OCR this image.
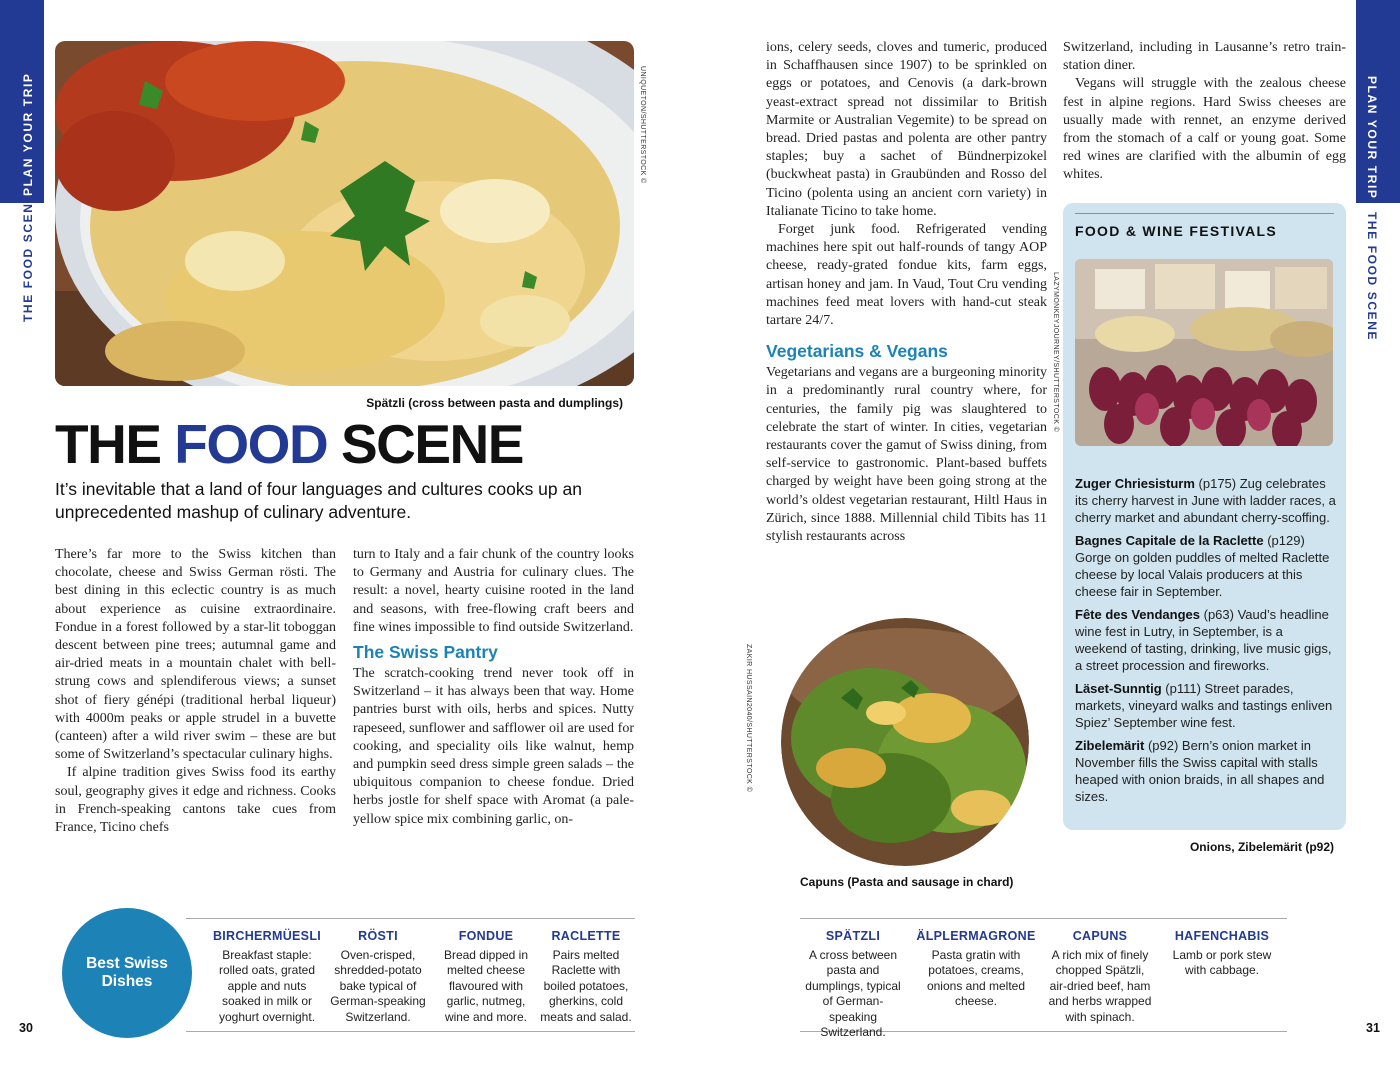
PLAN YOUR TRIP
THE FOOD SCENE
UNIQUETON/SHUTTERSTOCK ©
Spätzli (cross between pasta and dumplings)
THE FOOD SCENE
It’s inevitable that a land of four languages and cultures cooks up an unprecedented mashup of culinary adventure.

There’s far more to the Swiss kitchen than chocolate, cheese and Swiss German rösti. The best dining in this eclectic country is as much about experience as cuisine extraordinaire. Fondue in a forest followed by a star-lit toboggan descent between pine trees; autumnal game and air-dried meats in a mountain chalet with bell-strung cows and splendiferous views; a sunset shot of fiery génépi (traditional herbal liqueur) with 4000m peaks or apple strudel in a buvette (canteen) after a wild river swim – these are but some of Switzerland’s spectacular culinary highs.

If alpine tradition gives Swiss food its earthy soul, geography gives it edge and richness. Cooks in French-speaking cantons take cues from France, Ticino chefs

turn to Italy and a fair chunk of the country looks to Germany and Austria for culinary clues. The result: a novel, hearty cuisine rooted in the land and seasons, with free-flowing craft beers and fine wines impossible to find outside Switzerland.

The Swiss Pantry

The scratch-cooking trend never took off in Switzerland – it has always been that way. Home pantries burst with oils, herbs and spices. Nutty rapeseed, sunflower and safflower oil are used for cooking, and speciality oils like walnut, hemp and pumpkin seed dress simple green salads – the ubiquitous companion to cheese fondue. Dried herbs jostle for shelf space with Aromat (a pale-yellow spice mix combining garlic, on-

Best Swiss Dishes
BIRCHERMÜESLI
Breakfast staple: rolled oats, grated apple and nuts soaked in milk or yoghurt overnight.
RÖSTI
Oven-crisped, shredded-potato bake typical of German-speaking Switzerland.
FONDUE
Bread dipped in melted cheese flavoured with garlic, nutmeg, wine and more.
RACLETTE
Pairs melted Raclette with boiled potatoes, gherkins, cold meats and salad.
30

ions, celery seeds, cloves and tumeric, produced in Schaffhausen since 1907) to be sprinkled on eggs or potatoes, and Cenovis (a dark-brown yeast-extract spread not dissimilar to British Marmite or Australian Vegemite) to be spread on bread. Dried pastas and polenta are other pantry staples; buy a sachet of Bündnerpizokel (buckwheat pasta) in Graubünden and Rosso del Ticino (polenta using an ancient corn variety) in Italianate Ticino to take home.

Forget junk food. Refrigerated vending machines here spit out half-rounds of tangy AOP cheese, ready-grated fondue kits, farm eggs, artisan honey and jam. In Vaud, Tout Cru vending machines feed meat lovers with hand-cut steak tartare 24/7.

Vegetarians & Vegans

Vegetarians and vegans are a burgeoning minority in a predominantly rural country where, for centuries, the family pig was slaughtered to celebrate the start of winter. In cities, vegetarian restaurants cover the gamut of Swiss dining, from self-service to gastronomic. Plant-based buffets charged by weight have been going strong at the world’s oldest vegetarian restaurant, Hiltl Haus in Zürich, since 1888. Millennial child Tibits has 11 stylish restaurants across

LAZYMONKEYJOURNEY/SHUTTERSTOCK ©

Switzerland, including in Lausanne’s retro train-station diner.

Vegans will struggle with the zealous cheese fest in alpine regions. Hard Swiss cheeses are usually made with rennet, an enzyme derived from the stomach of a calf or young goat. Some red wines are clarified with the albumin of egg whites.

ZAKIR HUSSAIN2040/SHUTTERSTOCK ©
Capuns (Pasta and sausage in chard)
FOOD & WINE FESTIVALS
Zuger Chriesisturm (p175) Zug celebrates its cherry harvest in June with ladder races, a cherry market and abundant cherry-scoffing.
Bagnes Capitale de la Raclette (p129) Gorge on golden puddles of melted Raclette cheese by local Valais producers at this cheese fair in September.
Fête des Vendanges (p63) Vaud’s headline wine fest in Lutry, in September, is a weekend of tasting, drinking, live music gigs, a street procession and fireworks.
Läset-Sunntig (p111) Street parades, markets, vineyard walks and tastings enliven Spiez’ September wine fest.
Zibelemärit (p92) Bern’s onion market in November fills the Swiss capital with stalls heaped with onion braids, in all shapes and sizes.
Onions, Zibelemärit (p92)
SPÄTZLI
A cross between pasta and dumplings, typical of German-speaking Switzerland.
ÄLPLERMAGRONE
Pasta gratin with potatoes, creams, onions and melted cheese.
CAPUNS
A rich mix of finely chopped Spätzli, air-dried beef, ham and herbs wrapped with spinach.
HAFENCHABIS
Lamb or pork stew with cabbage.
31
PLAN YOUR TRIP
THE FOOD SCENE
